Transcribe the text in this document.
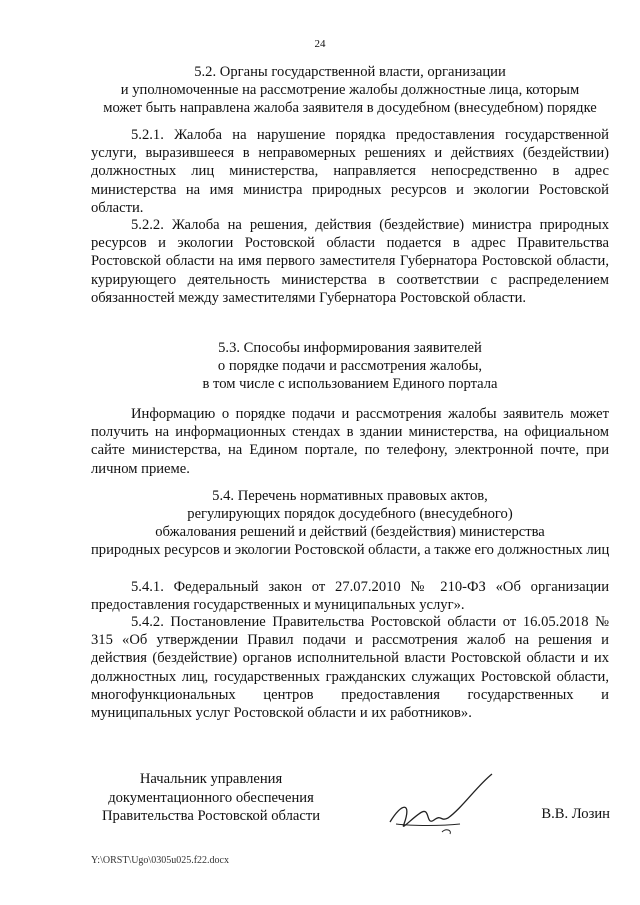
24
5.2. Органы государственной власти, организации
и уполномоченные на рассмотрение жалобы должностные лица, которым
может быть направлена жалоба заявителя в досудебном (внесудебном) порядке

5.2.1. Жалоба на нарушение порядка предоставления государственной услуги, выразившееся в неправомерных решениях и действиях (бездействии) должностных лиц министерства, направляется непосредственно в адрес министерства на имя министра природных ресурсов и экологии Ростовской области.

5.2.2. Жалоба на решения, действия (бездействие) министра природных ресурсов и экологии Ростовской области подается в адрес Правительства Ростовской области на имя первого заместителя Губернатора Ростовской области, курирующего деятельность министерства в соответствии с распределением обязанностей между заместителями Губернатора Ростовской области.

5.3. Способы информирования заявителей
о порядке подачи и рассмотрения жалобы,
в том числе с использованием Единого портала

Информацию о порядке подачи и рассмотрения жалобы заявитель может получить на информационных стендах в здании министерства, на официальном сайте министерства, на Едином портале, по телефону, электронной почте, при личном приеме.

5.4. Перечень нормативных правовых актов,
регулирующих порядок досудебного (внесудебного)
обжалования решений и действий (бездействия) министерства
природных ресурсов и экологии Ростовской области, а также его должностных лиц

5.4.1. Федеральный закон от 27.07.2010 № 210-ФЗ «Об организации предоставления государственных и муниципальных услуг».

5.4.2. Постановление Правительства Ростовской области от 16.05.2018 № 315 «Об утверждении Правил подачи и рассмотрения жалоб на решения и действия (бездействие) органов исполнительной власти Ростовской области и их должностных лиц, государственных гражданских служащих Ростовской области, многофункциональных центров предоставления государственных и муниципальных услуг Ростовской области и их работников».

Начальник управления
документационного обеспечения
Правительства Ростовской области	В.В. Лозин
Y:\ORST\Ugo\0305u025.f22.docx
